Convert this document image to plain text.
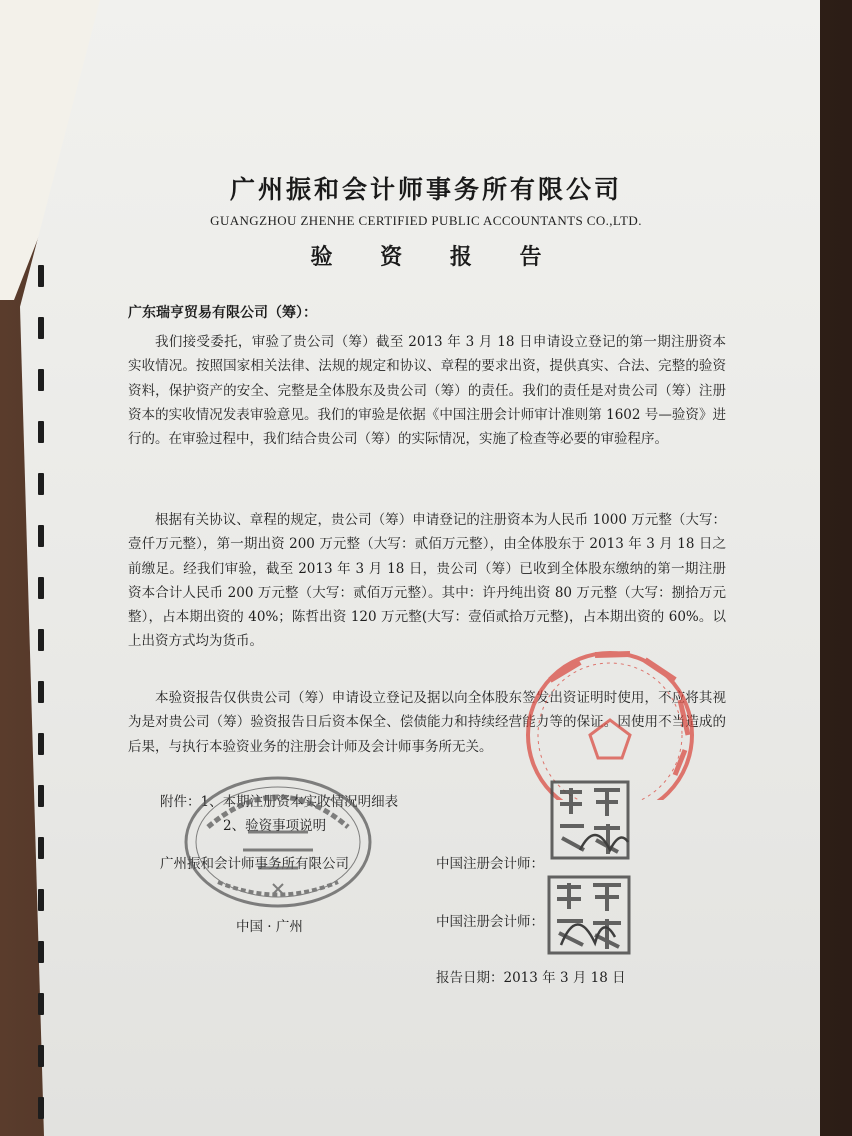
广州振和会计师事务所有限公司
GUANGZHOU ZHENHE CERTIFIED PUBLIC ACCOUNTANTS CO.,LTD.
验 资 报 告
广东瑞亨贸易有限公司（筹）：

我们接受委托，审验了贵公司（筹）截至 2013 年 3 月 18 日申请设立登记的第一期注册资本实收情况。按照国家相关法律、法规的规定和协议、章程的要求出资，提供真实、合法、完整的验资资料，保护资产的安全、完整是全体股东及贵公司（筹）的责任。我们的责任是对贵公司（筹）注册资本的实收情况发表审验意见。我们的审验是依据《中国注册会计师审计准则第 1602 号—验资》进行的。在审验过程中，我们结合贵公司（筹）的实际情况，实施了检查等必要的审验程序。

根据有关协议、章程的规定，贵公司（筹）申请登记的注册资本为人民币 1000 万元整（大写：壹仟万元整），第一期出资 200 万元整（大写：贰佰万元整），由全体股东于 2013 年 3 月 18 日之前缴足。经我们审验，截至 2013 年 3 月 18 日，贵公司（筹）已收到全体股东缴纳的第一期注册资本合计人民币 200 万元整（大写：贰佰万元整）。其中：许丹纯出资 80 万元整（大写：捌拾万元整），占本期出资的 40%；陈哲出资 120 万元整(大写：壹佰贰拾万元整)，占本期出资的 60%。以上出资方式均为货币。

本验资报告仅供贵公司（筹）申请设立登记及据以向全体股东签发出资证明时使用，不应将其视为是对贵公司（筹）验资报告日后资本保全、偿债能力和持续经营能力等的保证。因使用不当造成的后果，与执行本验资业务的注册会计师及会计师事务所无关。

附件：1、本期注册资本实收情况明细表
2、验资事项说明
广州振和会计师事务所有限公司
中国 · 广州
中国注册会计师：
中国注册会计师：
报告日期：2013 年 3 月 18 日
